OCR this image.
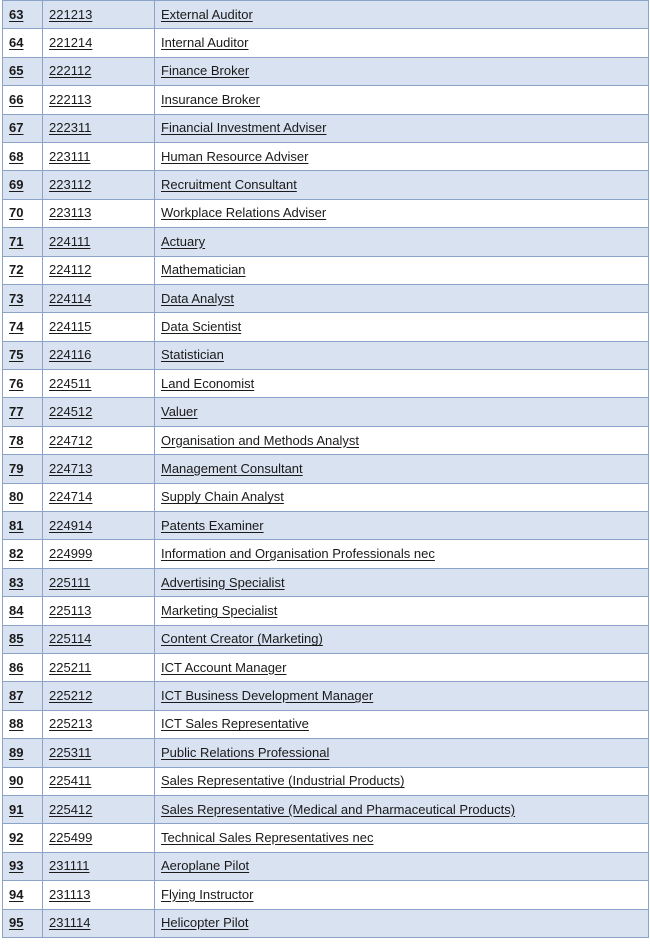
63	221213	External Auditor
64	221214	Internal Auditor
65	222112	Finance Broker
66	222113	Insurance Broker
67	222311	Financial Investment Adviser
68	223111	Human Resource Adviser
69	223112	Recruitment Consultant
70	223113	Workplace Relations Adviser
71	224111	Actuary
72	224112	Mathematician
73	224114	Data Analyst
74	224115	Data Scientist
75	224116	Statistician
76	224511	Land Economist
77	224512	Valuer
78	224712	Organisation and Methods Analyst
79	224713	Management Consultant
80	224714	Supply Chain Analyst
81	224914	Patents Examiner
82	224999	Information and Organisation Professionals nec
83	225111	Advertising Specialist
84	225113	Marketing Specialist
85	225114	Content Creator (Marketing)
86	225211	ICT Account Manager
87	225212	ICT Business Development Manager
88	225213	ICT Sales Representative
89	225311	Public Relations Professional
90	225411	Sales Representative (Industrial Products)
91	225412	Sales Representative (Medical and Pharmaceutical Products)
92	225499	Technical Sales Representatives nec
93	231111	Aeroplane Pilot
94	231113	Flying Instructor
95	231114	Helicopter Pilot
